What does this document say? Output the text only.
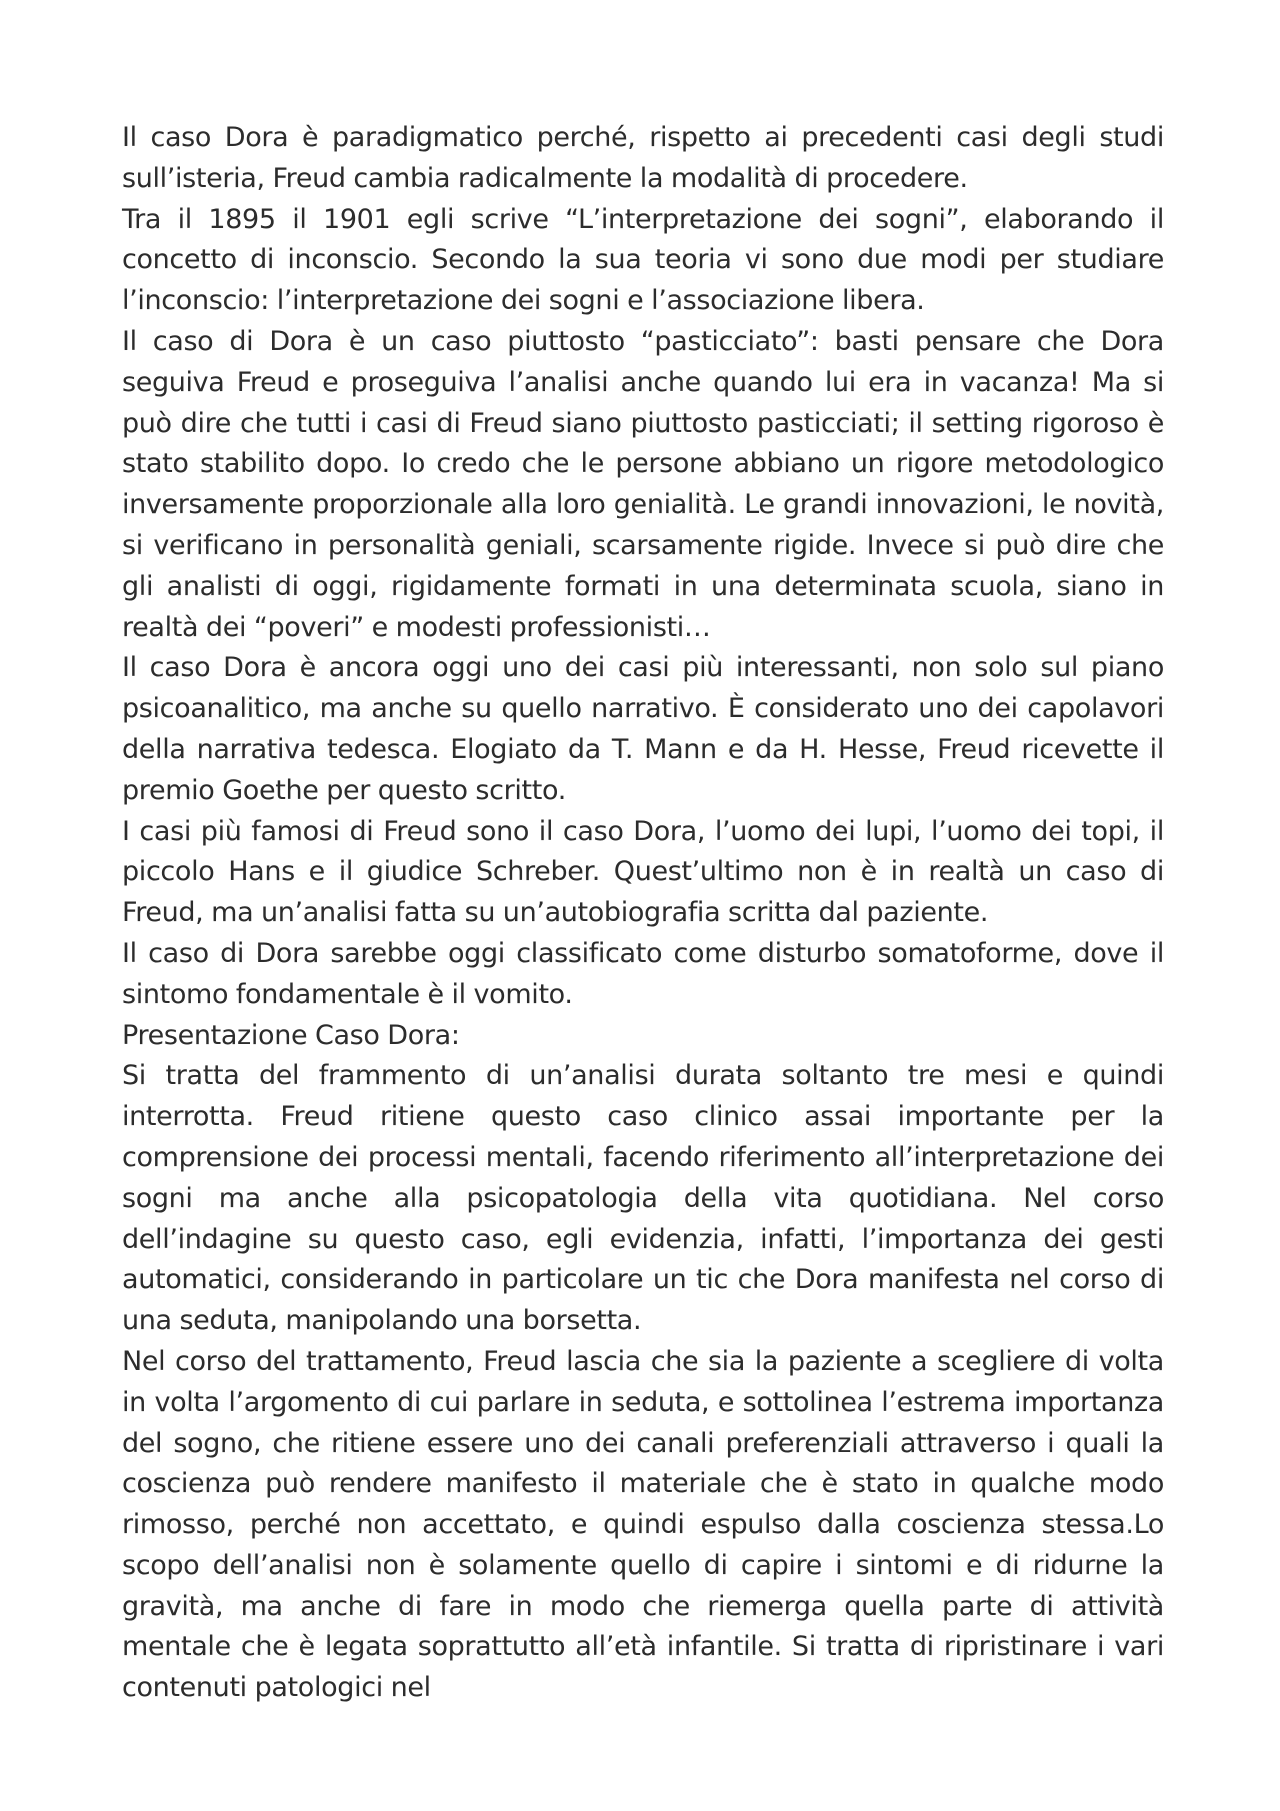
Il caso Dora è paradigmatico perché, rispetto ai precedenti casi degli studi sull’isteria, Freud cambia radicalmente la modalità di procedere.

Tra il 1895 il 1901 egli scrive “L’interpretazione dei sogni”, elaborando il concetto di inconscio. Secondo la sua teoria vi sono due modi per studiare l’inconscio: l’interpretazione dei sogni e l’associazione libera.

Il caso di Dora è un caso piuttosto “pasticciato”: basti pensare che Dora seguiva Freud e proseguiva l’analisi anche quando lui era in vacanza! Ma si può dire che tutti i casi di Freud siano piuttosto pasticciati; il setting rigoroso è stato stabilito dopo. Io credo che le persone abbiano un rigore metodologico inversamente proporzionale alla loro genialità. Le grandi innovazioni, le novità, si verificano in personalità geniali, scarsamente rigide. Invece si può dire che gli analisti di oggi, rigidamente formati in una determinata scuola, siano in realtà dei “poveri” e modesti professionisti…

Il caso Dora è ancora oggi uno dei casi più interessanti, non solo sul piano psicoanalitico, ma anche su quello narrativo. È considerato uno dei capolavori della narrativa tedesca. Elogiato da T. Mann e da H. Hesse, Freud ricevette il premio Goethe per questo scritto.

I casi più famosi di Freud sono il caso Dora, l’uomo dei lupi, l’uomo dei topi, il piccolo Hans e il giudice Schreber. Quest’ultimo non è in realtà un caso di Freud, ma un’analisi fatta su un’autobiografia scritta dal paziente.

Il caso di Dora sarebbe oggi classificato come disturbo somatoforme, dove il sintomo fondamentale è il vomito.

Presentazione Caso Dora:

Si tratta del frammento di un’analisi durata soltanto tre mesi e quindi interrotta. Freud ritiene questo caso clinico assai importante per la comprensione dei processi mentali, facendo riferimento all’interpretazione dei sogni ma anche alla psicopatologia della vita quotidiana. Nel corso dell’indagine su questo caso, egli evidenzia, infatti, l’importanza dei gesti automatici, considerando in particolare un tic che Dora manifesta nel corso di una seduta, manipolando una borsetta.

Nel corso del trattamento, Freud lascia che sia la paziente a scegliere di volta in volta l’argomento di cui parlare in seduta, e sottolinea l’estrema importanza del sogno, che ritiene essere uno dei canali preferenziali attraverso i quali la coscienza può rendere manifesto il materiale che è stato in qualche modo rimosso, perché non accettato, e quindi espulso dalla coscienza stessa.Lo scopo dell’analisi non è solamente quello di capire i sintomi e di ridurne la gravità, ma anche di fare in modo che riemerga quella parte di attività mentale che è legata soprattutto all’età infantile. Si tratta di ripristinare i vari contenuti patologici nel
